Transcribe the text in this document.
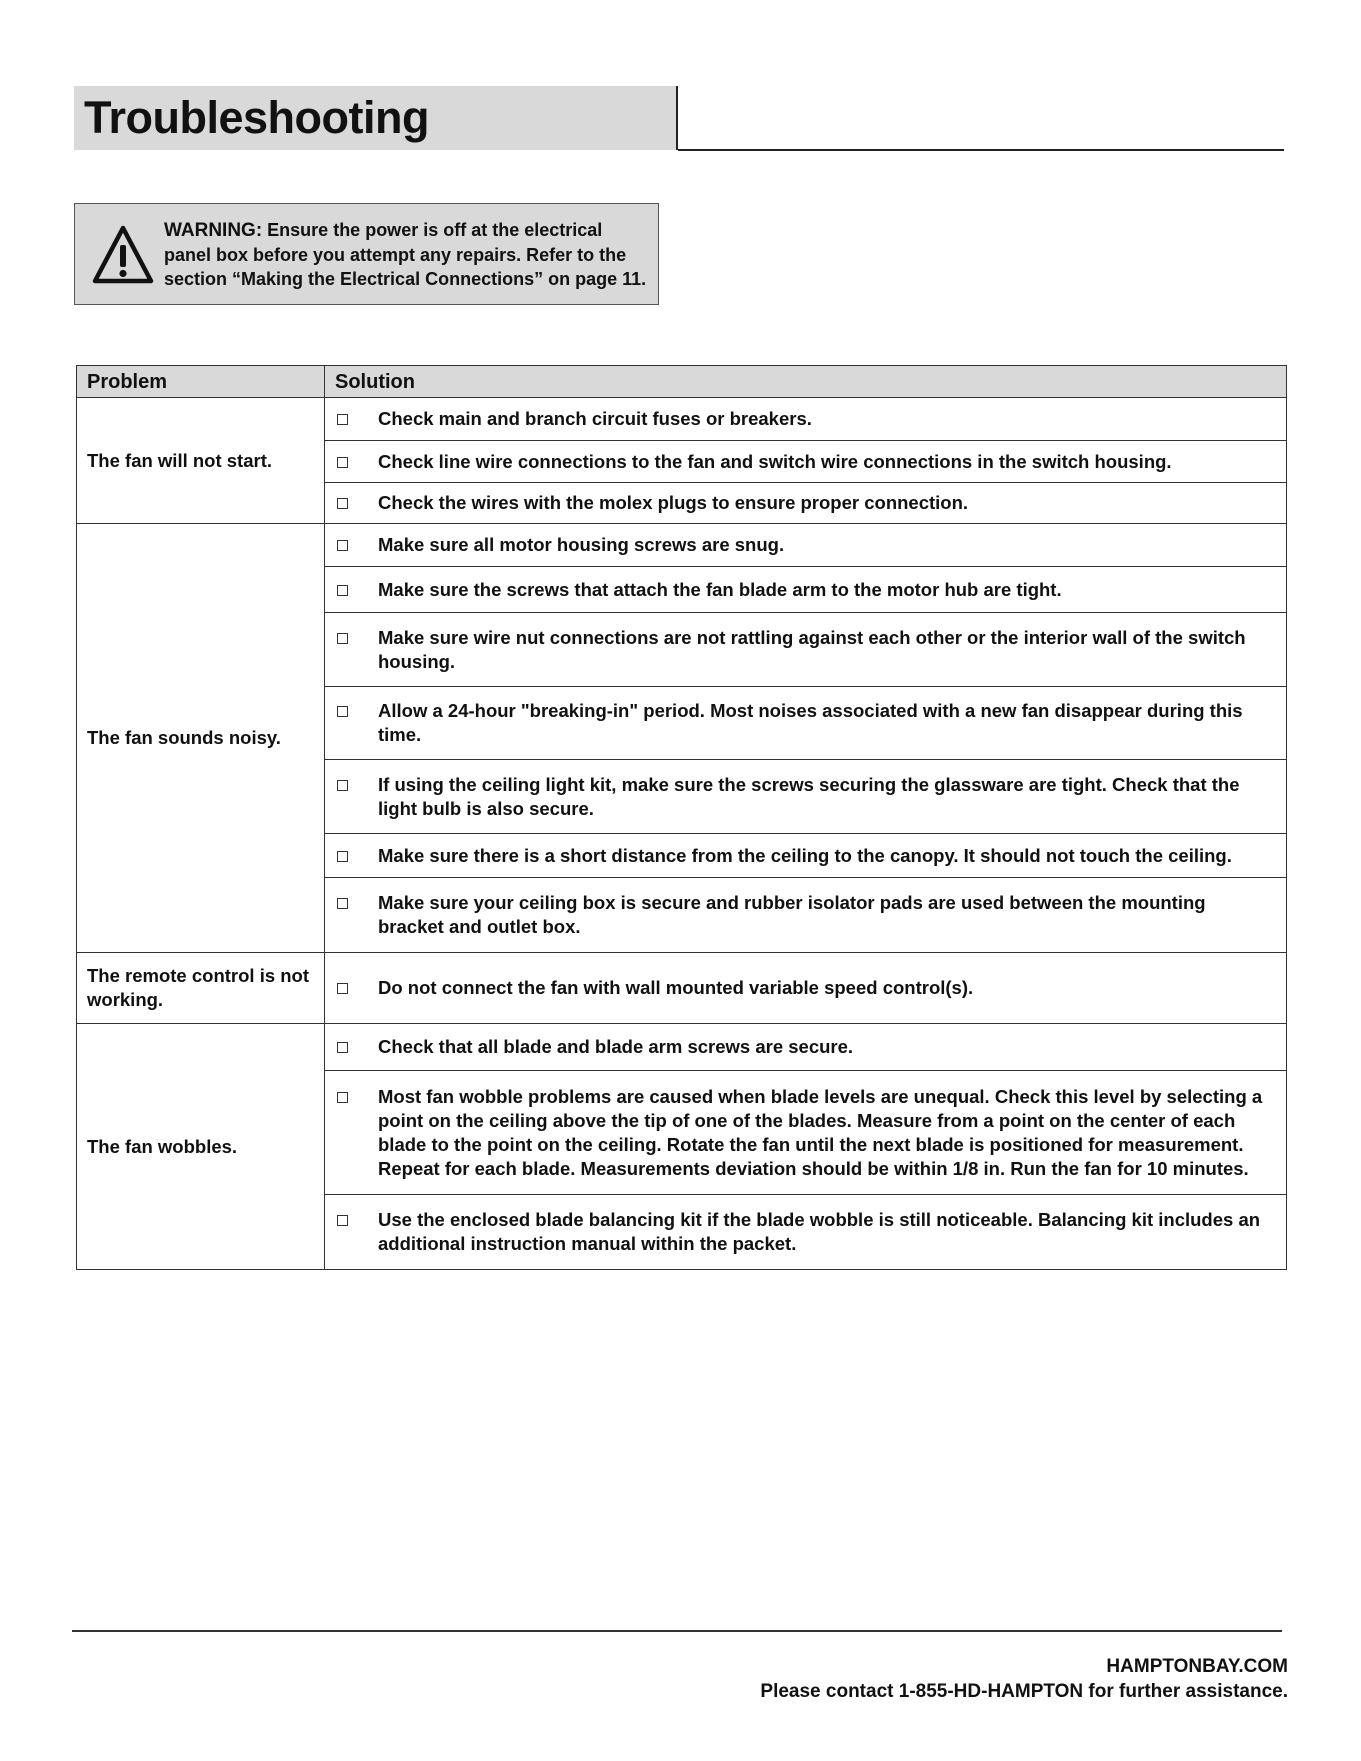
Troubleshooting
WARNING: Ensure the power is off at the electrical panel box before you attempt any repairs. Refer to the section “Making the Electrical Connections” on page 11.
Problem	Solution
The fan will not start.	Check main and branch circuit fuses or breakers.

	Check line wire connections to the fan and switch wire connections in the switch housing.

	Check the wires with the molex plugs to ensure proper connection.

The fan sounds noisy.	Make sure all motor housing screws are snug.

	Make sure the screws that attach the fan blade arm to the motor hub are tight.

	Make sure wire nut connections are not rattling against each other or the interior wall of the switch housing.

	Allow a 24-hour "breaking-in" period. Most noises associated with a new fan disappear during this time.

	If using the ceiling light kit, make sure the screws securing the glassware are tight. Check that the light bulb is also secure.

	Make sure there is a short distance from the ceiling to the canopy. It should not touch the ceiling.

	Make sure your ceiling box is secure and rubber isolator pads are used between the mounting bracket and outlet box.

The remote control is not working.	Do not connect the fan with wall mounted variable speed control(s).

The fan wobbles.	Check that all blade and blade arm screws are secure.

	Most fan wobble problems are caused when blade levels are unequal. Check this level by selecting a point on the ceiling above the tip of one of the blades. Measure from a point on the center of each blade to the point on the ceiling. Rotate the fan until the next blade is positioned for measurement. Repeat for each blade. Measurements deviation should be within 1/8 in. Run the fan for 10 minutes.

	Use the enclosed blade balancing kit if the blade wobble is still noticeable. Balancing kit includes an additional instruction manual within the packet.
HAMPTONBAY.COM
Please contact 1-855-HD-HAMPTON for further assistance.
